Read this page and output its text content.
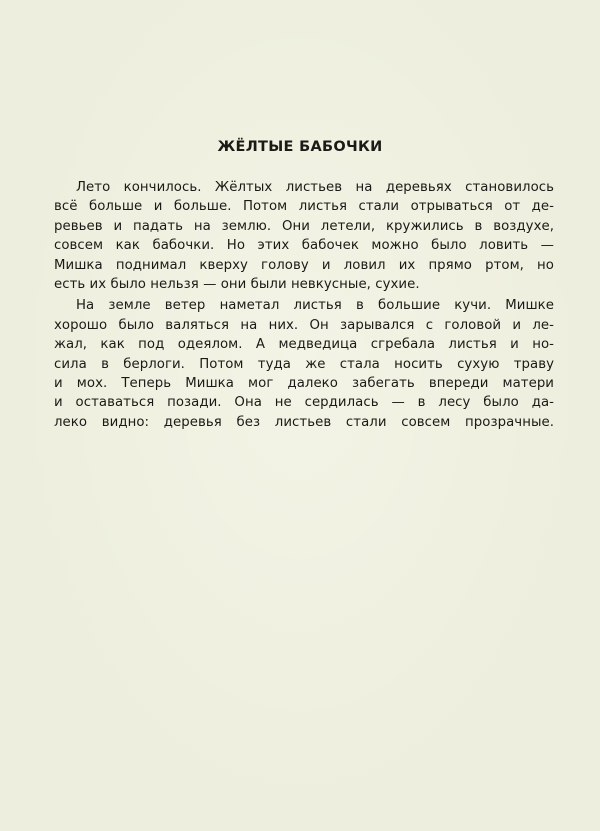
ЖЁЛТЫЕ БАБОЧКИ
Лето кончилось. Жёлтых листьев на деревьях становилось
всё больше и больше. Потом листья стали отрываться от де-
ревьев и падать на землю. Они летели, кружились в воздухе,
совсем как бабочки. Но этих бабочек можно было ловить —
Мишка поднимал кверху голову и ловил их прямо ртом, но
есть их было нельзя — они были невкусные, сухие.
На земле ветер наметал листья в большие кучи. Мишке
хорошо было валяться на них. Он зарывался с головой и ле-
жал, как под одеялом. А медведица сгребала листья и но-
сила в берлоги. Потом туда же стала носить сухую траву
и мох. Теперь Мишка мог далеко забегать впереди матери
и оставаться позади. Она не сердилась — в лесу было да-
леко видно: деревья без листьев стали совсем прозрачные.
